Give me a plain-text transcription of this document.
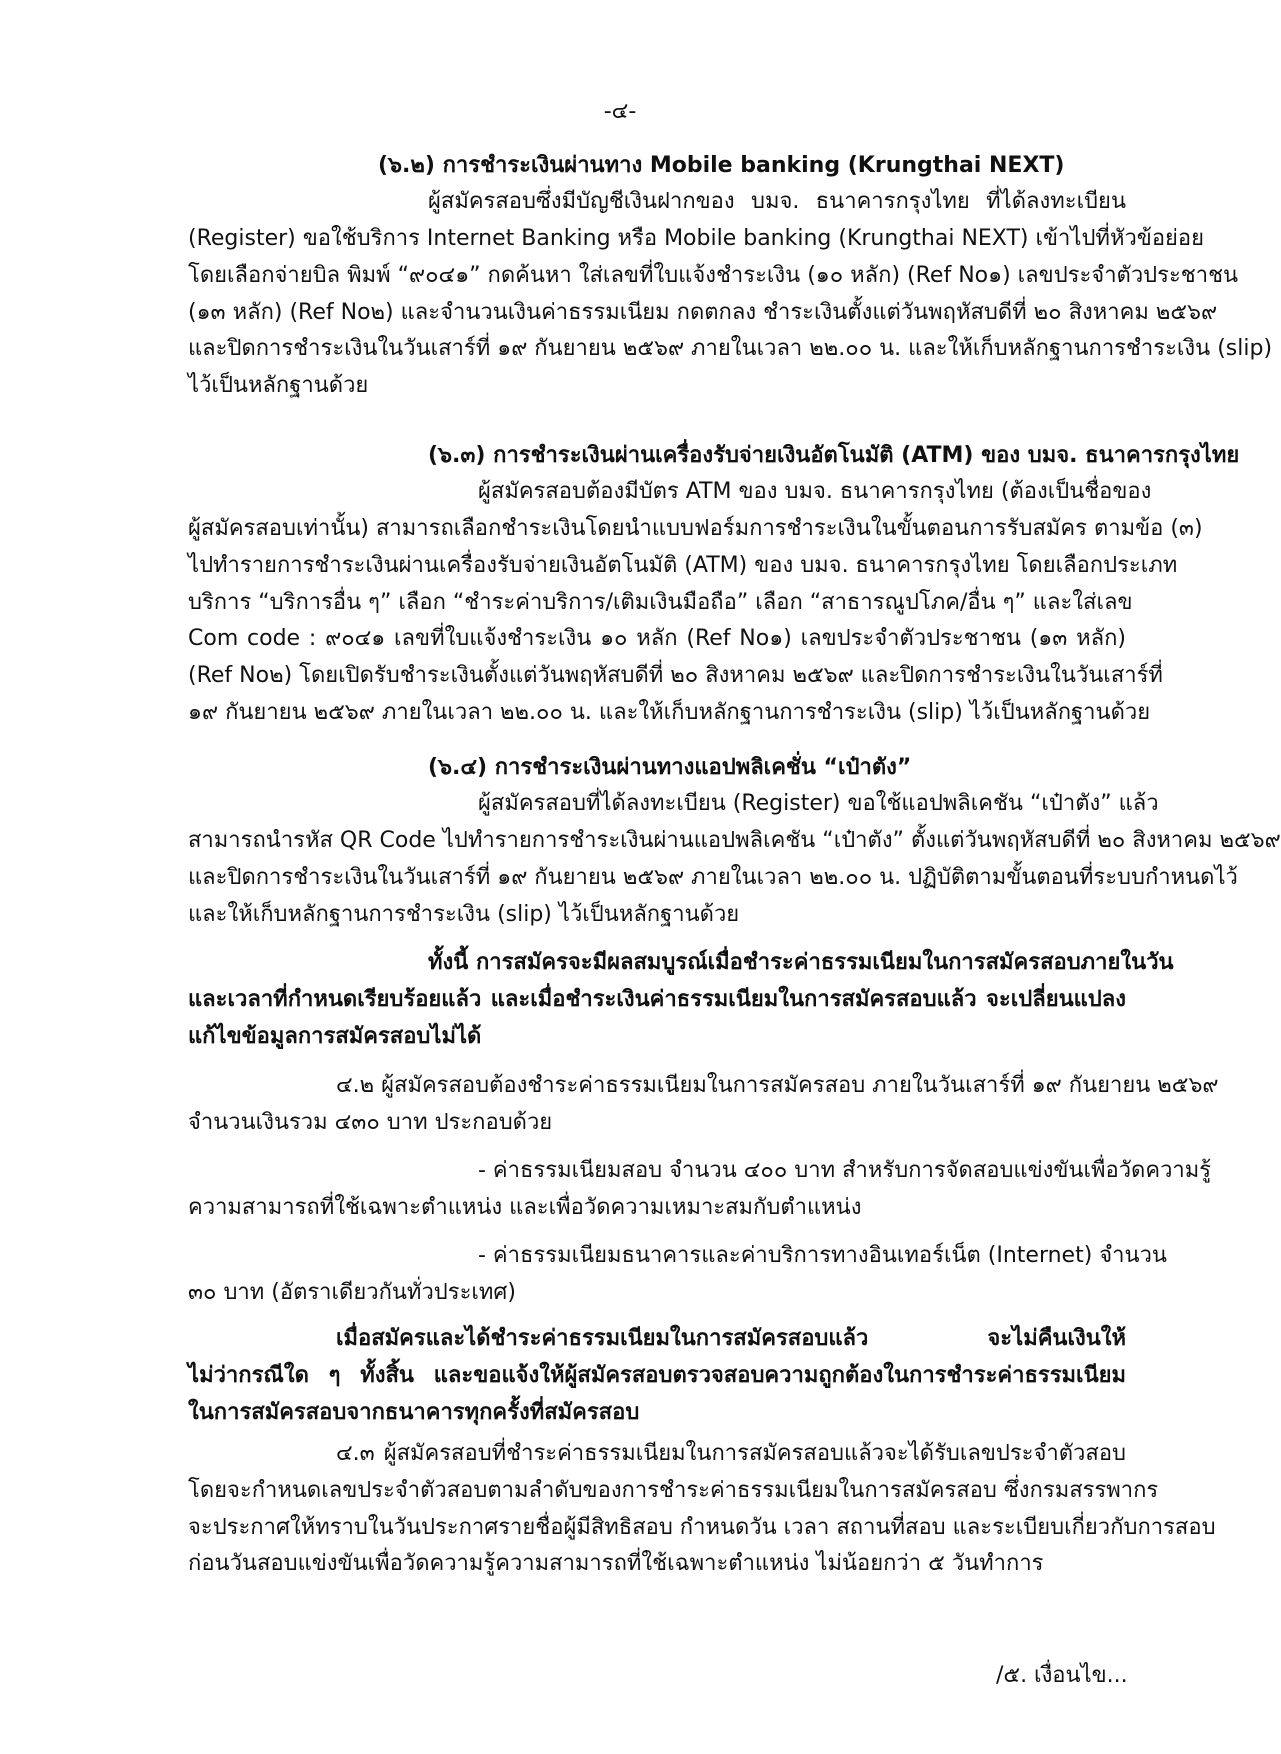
-๔-
(๖.๒) การชำระเงินผ่านทาง Mobile banking (Krungthai NEXT)
ผู้สมัครสอบซึ่งมีบัญชีเงินฝากของ บมจ. ธนาคารกรุงไทย ที่ได้ลงทะเบียน
(Register) ขอใช้บริการ Internet Banking หรือ Mobile banking (Krungthai NEXT) เข้าไปที่หัวข้อย่อย
โดยเลือกจ่ายบิล พิมพ์ “๙๐๔๑” กดค้นหา ใส่เลขที่ใบแจ้งชำระเงิน (๑๐ หลัก) (Ref No๑) เลขประจำตัวประชาชน
(๑๓ หลัก) (Ref No๒) และจำนวนเงินค่าธรรมเนียม กดตกลง ชำระเงินตั้งแต่วันพฤหัสบดีที่ ๒๐ สิงหาคม ๒๕๖๙
และปิดการชำระเงินในวันเสาร์ที่ ๑๙ กันยายน ๒๕๖๙ ภายในเวลา ๒๒.๐๐ น. และให้เก็บหลักฐานการชำระเงิน (slip)
ไว้เป็นหลักฐานด้วย
(๖.๓) การชำระเงินผ่านเครื่องรับจ่ายเงินอัตโนมัติ (ATM) ของ บมจ. ธนาคารกรุงไทย
ผู้สมัครสอบต้องมีบัตร ATM ของ บมจ. ธนาคารกรุงไทย (ต้องเป็นชื่อของ
ผู้สมัครสอบเท่านั้น) สามารถเลือกชำระเงินโดยนำแบบฟอร์มการชำระเงินในขั้นตอนการรับสมัคร ตามข้อ (๓)
ไปทำรายการชำระเงินผ่านเครื่องรับจ่ายเงินอัตโนมัติ (ATM) ของ บมจ. ธนาคารกรุงไทย โดยเลือกประเภท
บริการ “บริการอื่น ๆ” เลือก “ชำระค่าบริการ/เติมเงินมือถือ” เลือก “สาธารณูปโภค/อื่น ๆ” และใส่เลข
Com code : ๙๐๔๑ เลขที่ใบแจ้งชำระเงิน ๑๐ หลัก (Ref No๑) เลขประจำตัวประชาชน (๑๓ หลัก)
(Ref No๒) โดยเปิดรับชำระเงินตั้งแต่วันพฤหัสบดีที่ ๒๐ สิงหาคม ๒๕๖๙ และปิดการชำระเงินในวันเสาร์ที่
๑๙ กันยายน ๒๕๖๙ ภายในเวลา ๒๒.๐๐ น. และให้เก็บหลักฐานการชำระเงิน (slip) ไว้เป็นหลักฐานด้วย
(๖.๔) การชำระเงินผ่านทางแอปพลิเคชั่น “เป๋าตัง”
ผู้สมัครสอบที่ได้ลงทะเบียน (Register) ขอใช้แอปพลิเคชัน “เป๋าตัง” แล้ว
สามารถนำรหัส QR Code ไปทำรายการชำระเงินผ่านแอปพลิเคชัน “เป๋าตัง” ตั้งแต่วันพฤหัสบดีที่ ๒๐ สิงหาคม ๒๕๖๙
และปิดการชำระเงินในวันเสาร์ที่ ๑๙ กันยายน ๒๕๖๙ ภายในเวลา ๒๒.๐๐ น. ปฏิบัติตามขั้นตอนที่ระบบกำหนดไว้
และให้เก็บหลักฐานการชำระเงิน (slip) ไว้เป็นหลักฐานด้วย
ทั้งนี้ การสมัครจะมีผลสมบูรณ์เมื่อชำระค่าธรรมเนียมในการสมัครสอบภายในวัน
และเวลาที่กำหนดเรียบร้อยแล้ว และเมื่อชำระเงินค่าธรรมเนียมในการสมัครสอบแล้ว จะเปลี่ยนแปลง
แก้ไขข้อมูลการสมัครสอบไม่ได้
๔.๒ ผู้สมัครสอบต้องชำระค่าธรรมเนียมในการสมัครสอบ ภายในวันเสาร์ที่ ๑๙ กันยายน ๒๕๖๙
จำนวนเงินรวม ๔๓๐ บาท ประกอบด้วย
- ค่าธรรมเนียมสอบ จำนวน ๔๐๐ บาท สำหรับการจัดสอบแข่งขันเพื่อวัดความรู้
ความสามารถที่ใช้เฉพาะตำแหน่ง และเพื่อวัดความเหมาะสมกับตำแหน่ง
- ค่าธรรมเนียมธนาคารและค่าบริการทางอินเทอร์เน็ต (Internet) จำนวน
๓๐ บาท (อัตราเดียวกันทั่วประเทศ)
เมื่อสมัครและได้ชำระค่าธรรมเนียมในการสมัครสอบแล้ว จะไม่คืนเงินให้
ไม่ว่ากรณีใด ๆ ทั้งสิ้น และขอแจ้งให้ผู้สมัครสอบตรวจสอบความถูกต้องในการชำระค่าธรรมเนียม
ในการสมัครสอบจากธนาคารทุกครั้งที่สมัครสอบ
๔.๓ ผู้สมัครสอบที่ชำระค่าธรรมเนียมในการสมัครสอบแล้วจะได้รับเลขประจำตัวสอบ
โดยจะกำหนดเลขประจำตัวสอบตามลำดับของการชำระค่าธรรมเนียมในการสมัครสอบ ซึ่งกรมสรรพากร
จะประกาศให้ทราบในวันประกาศรายชื่อผู้มีสิทธิสอบ กำหนดวัน เวลา สถานที่สอบ และระเบียบเกี่ยวกับการสอบ
ก่อนวันสอบแข่งขันเพื่อวัดความรู้ความสามารถที่ใช้เฉพาะตำแหน่ง ไม่น้อยกว่า ๕ วันทำการ
/๕. เงื่อนไข...
